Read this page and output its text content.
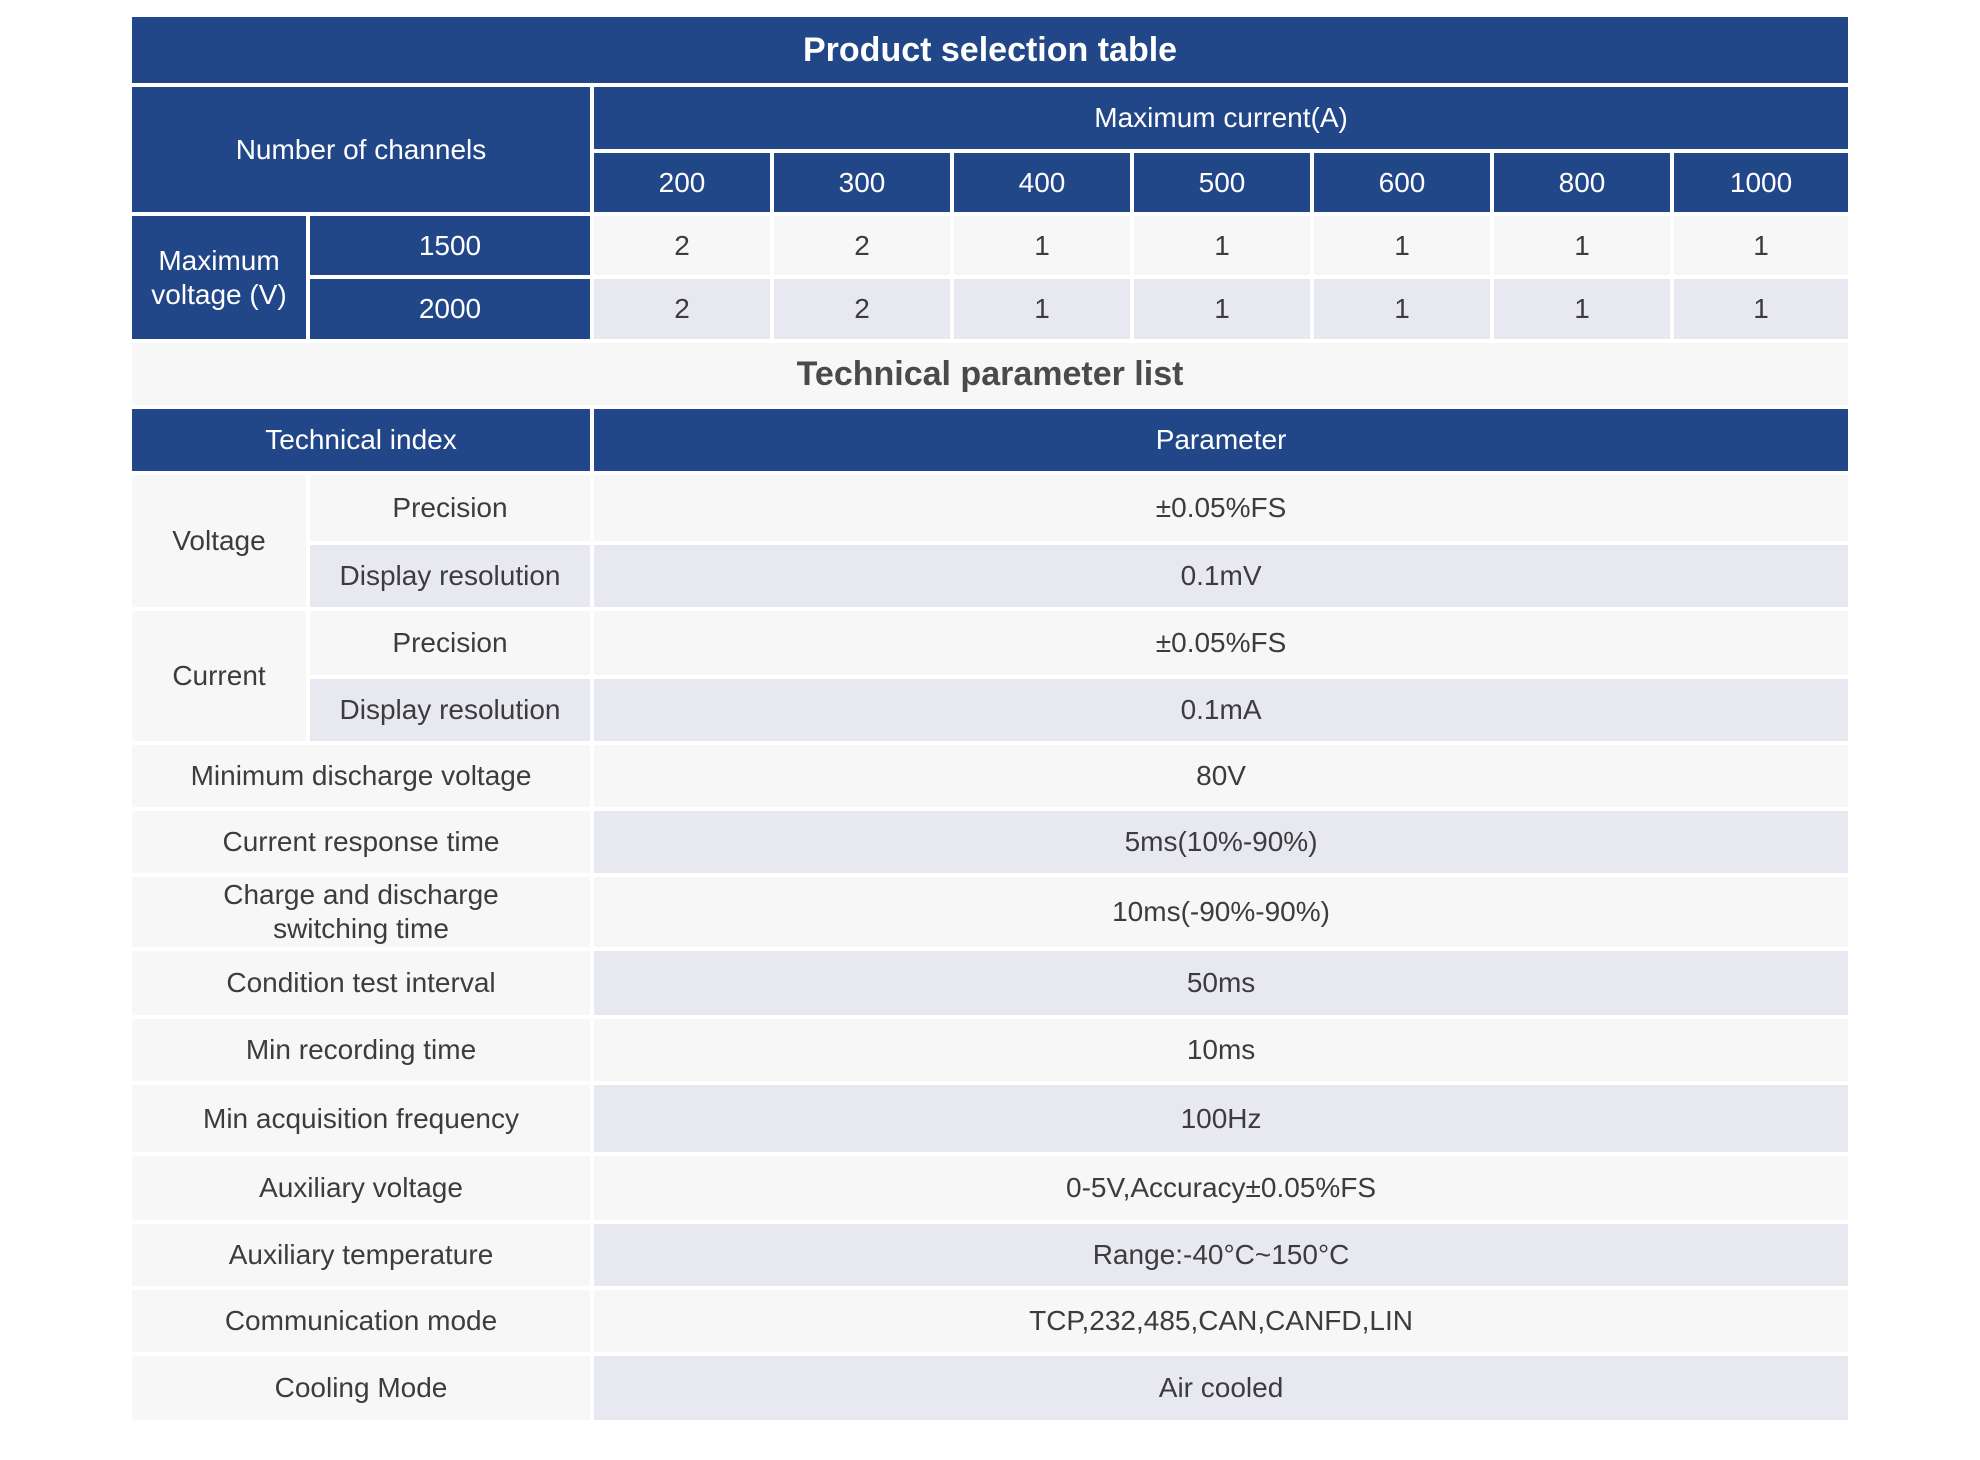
Product selection table								
Number of channels		Maximum current(A)						
		200	300	400	500	600	800	1000
Maximum voltage (V)	1500	2	2	1	1	1	1	1
	2000	2	2	1	1	1	1	1
Technical parameter list								
Technical index		Parameter						
Voltage	Precision	±0.05%FS						
	Display resolution	0.1mV						
Current	Precision	±0.05%FS						
	Display resolution	0.1mA						
Minimum discharge voltage		80V						
Current response time		5ms(10%-90%)						
Charge and discharge switching time		10ms(-90%-90%)						
Condition test interval		50ms						
Min recording time		10ms						
Min acquisition frequency		100Hz						
Auxiliary voltage		0-5V,Accuracy±0.05%FS						
Auxiliary temperature		Range:-40°C~150°C						
Communication mode		TCP,232,485,CAN,CANFD,LIN						
Cooling Mode		Air cooled						
